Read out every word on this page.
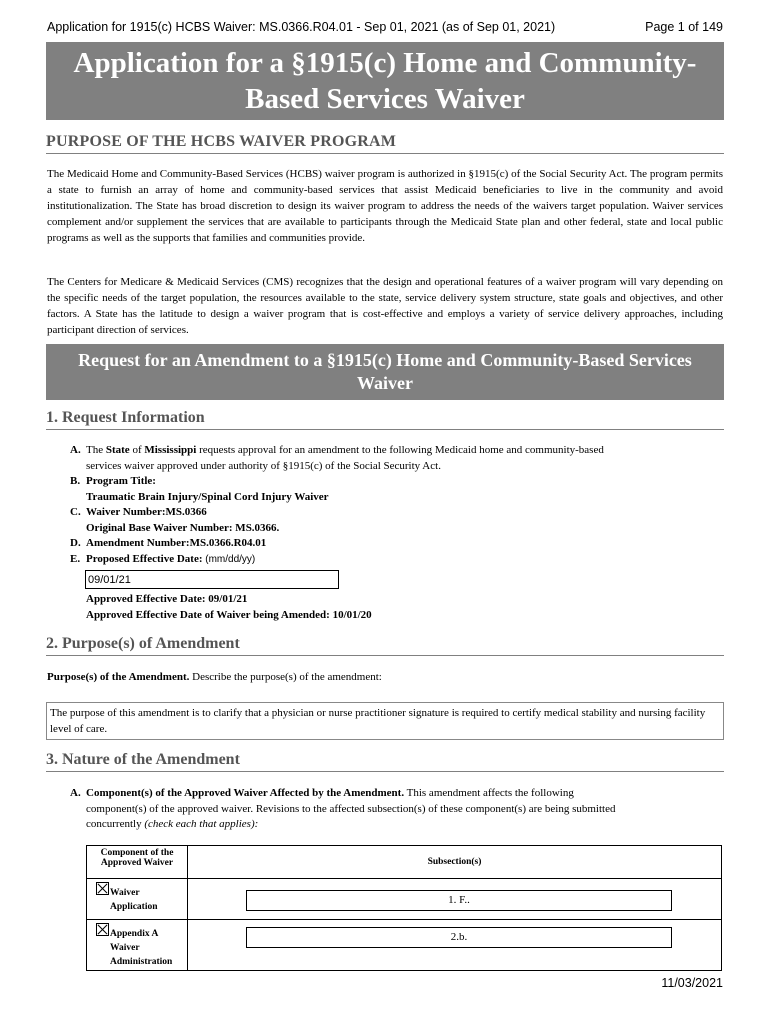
Application for 1915(c) HCBS Waiver: MS.0366.R04.01 - Sep 01, 2021 (as of Sep 01, 2021)	Page 1 of 149
Application for a §1915(c) Home and Community-
Based Services Waiver
PURPOSE OF THE HCBS WAIVER PROGRAM
The Medicaid Home and Community-Based Services (HCBS) waiver program is authorized in §1915(c) of the Social Security Act. The program permits a state to furnish an array of home and community-based services that assist Medicaid beneficiaries to live in the community and avoid institutionalization. The State has broad discretion to design its waiver program to address the needs of the waivers target population. Waiver services complement and/or supplement the services that are available to participants through the Medicaid State plan and other federal, state and local public programs as well as the supports that families and communities provide.
The Centers for Medicare & Medicaid Services (CMS) recognizes that the design and operational features of a waiver program will vary depending on the specific needs of the target population, the resources available to the state, service delivery system structure, state goals and objectives, and other factors. A State has the latitude to design a waiver program that is cost-effective and employs a variety of service delivery approaches, including participant direction of services.
Request for an Amendment to a §1915(c) Home and Community-Based Services
Waiver
1. Request Information
A. The State of Mississippi requests approval for an amendment to the following Medicaid home and community-based
services waiver approved under authority of §1915(c) of the Social Security Act.
B. Program Title:
Traumatic Brain Injury/Spinal Cord Injury Waiver
C. Waiver Number:MS.0366
Original Base Waiver Number: MS.0366.
D. Amendment Number:MS.0366.R04.01
E. Proposed Effective Date: (mm/dd/yy)
09/01/21
Approved Effective Date: 09/01/21
Approved Effective Date of Waiver being Amended: 10/01/20
2. Purpose(s) of Amendment
Purpose(s) of the Amendment. Describe the purpose(s) of the amendment:
The purpose of this amendment is to clarify that a physician or nurse practitioner signature is required to certify medical stability and nursing facility level of care.
3. Nature of the Amendment
A. Component(s) of the Approved Waiver Affected by the Amendment. This amendment affects the following
component(s) of the approved waiver. Revisions to the affected subsection(s) of these component(s) are being submitted
concurrently (check each that applies):
Component of the Approved Waiver	Subsection(s)

Waiver Application	1. F..

Appendix A Waiver Administration	2.b.
11/03/2021
